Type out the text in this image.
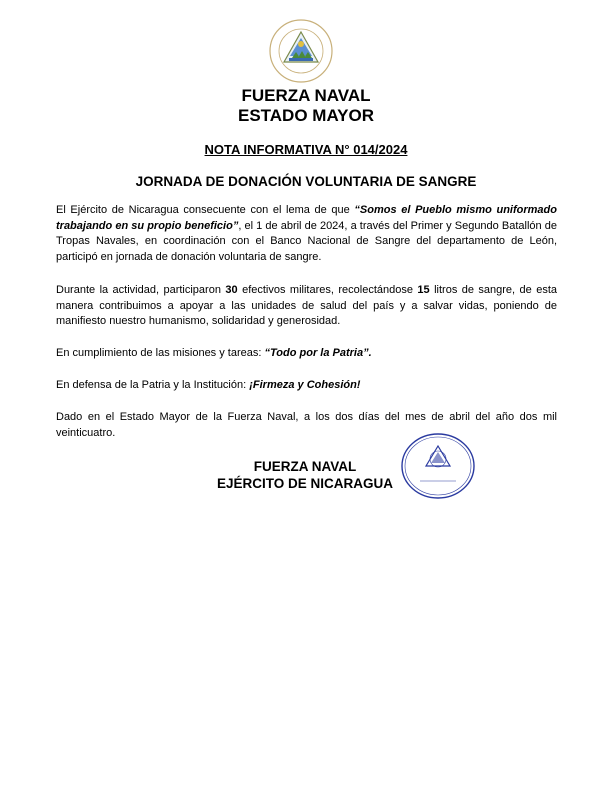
FUERZA NAVAL
ESTADO MAYOR
NOTA INFORMATIVA N° 014/2024
JORNADA DE DONACIÓN VOLUNTARIA DE SANGRE
El Ejército de Nicaragua consecuente con el lema de que “Somos el Pueblo mismo uniformado trabajando en su propio beneficio”, el 1 de abril de 2024, a través del Primer y Segundo Batallón de Tropas Navales, en coordinación con el Banco Nacional de Sangre del departamento de León, participó en jornada de donación voluntaria de sangre.
Durante la actividad, participaron 30 efectivos militares, recolectándose 15 litros de sangre, de esta manera contribuimos a apoyar a las unidades de salud del país y a salvar vidas, poniendo de manifiesto nuestro humanismo, solidaridad y generosidad.
En cumplimiento de las misiones y tareas: “Todo por la Patria”.
En defensa de la Patria y la Institución: ¡Firmeza y Cohesión!
Dado en el Estado Mayor de la Fuerza Naval, a los dos días del mes de abril del año dos mil veinticuatro.
FUERZA NAVAL
EJÉRCITO DE NICARAGUA
